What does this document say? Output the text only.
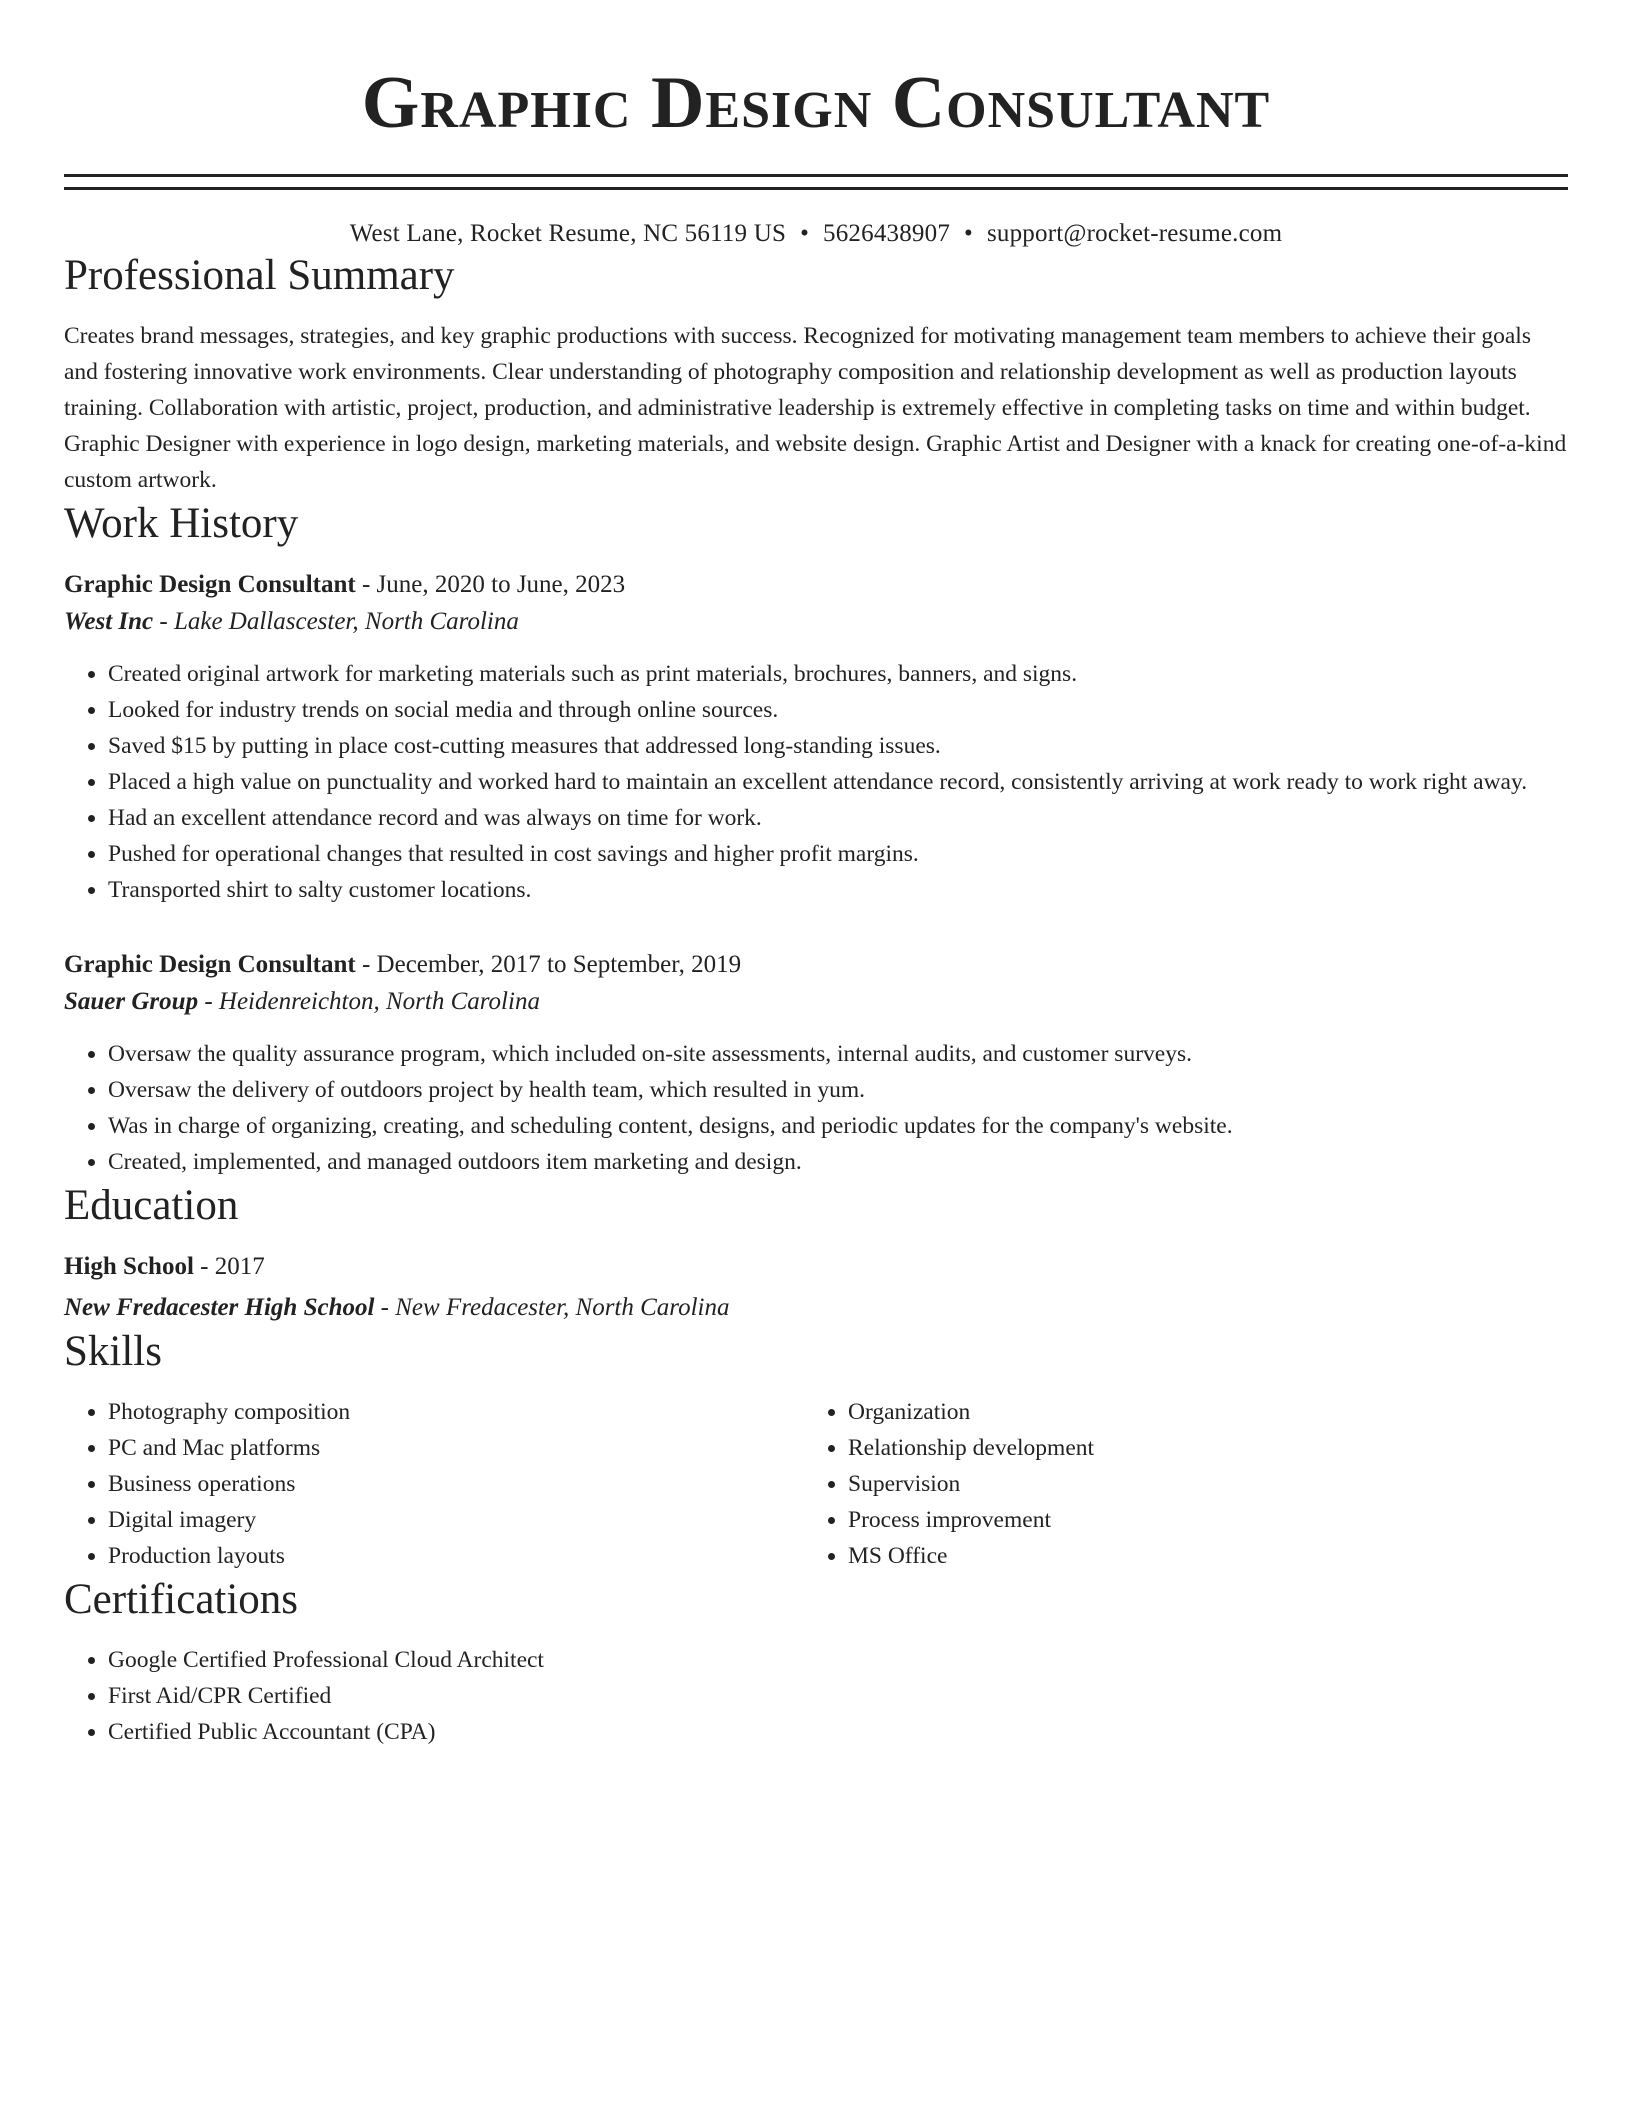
Graphic Design Consultant
West Lane, Rocket Resume, NC 56119 US • 5626438907 • support@rocket-resume.com
Professional Summary
Creates brand messages, strategies, and key graphic productions with success. Recognized for motivating management team members to achieve their goals and fostering innovative work environments. Clear understanding of photography composition and relationship development as well as production layouts training. Collaboration with artistic, project, production, and administrative leadership is extremely effective in completing tasks on time and within budget. Graphic Designer with experience in logo design, marketing materials, and website design. Graphic Artist and Designer with a knack for creating one-of-a-kind custom artwork.
Work History
Graphic Design Consultant - June, 2020 to June, 2023
West Inc - Lake Dallascester, North Carolina
• Created original artwork for marketing materials such as print materials, brochures, banners, and signs.
• Looked for industry trends on social media and through online sources.
• Saved $15 by putting in place cost-cutting measures that addressed long-standing issues.
• Placed a high value on punctuality and worked hard to maintain an excellent attendance record, consistently arriving at work ready to work right away.
• Had an excellent attendance record and was always on time for work.
• Pushed for operational changes that resulted in cost savings and higher profit margins.
• Transported shirt to salty customer locations.
Graphic Design Consultant - December, 2017 to September, 2019
Sauer Group - Heidenreichton, North Carolina
• Oversaw the quality assurance program, which included on-site assessments, internal audits, and customer surveys.
• Oversaw the delivery of outdoors project by health team, which resulted in yum.
• Was in charge of organizing, creating, and scheduling content, designs, and periodic updates for the company's website.
• Created, implemented, and managed outdoors item marketing and design.
Education
High School - 2017
New Fredacester High School - New Fredacester, North Carolina
Skills
• Photography composition
• PC and Mac platforms
• Business operations
• Digital imagery
• Production layouts
• Organization
• Relationship development
• Supervision
• Process improvement
• MS Office
Certifications
• Google Certified Professional Cloud Architect
• First Aid/CPR Certified
• Certified Public Accountant (CPA)
